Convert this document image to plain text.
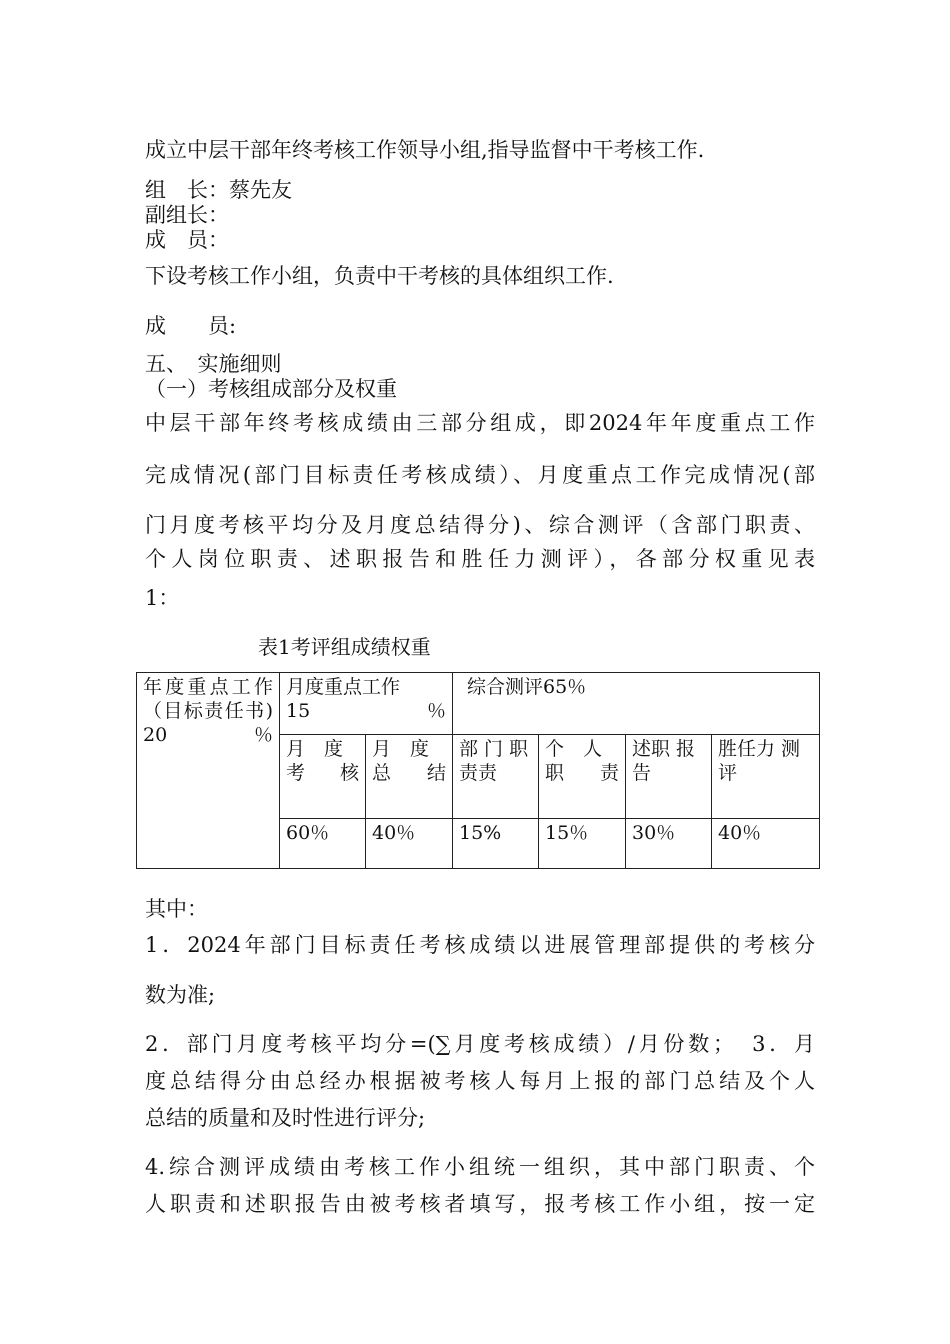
成立中层干部年终考核工作领导小组,指导监督中干考核工作.
组　长：蔡先友
副组长：
成　员：
下设考核工作小组，负责中干考核的具体组织工作.
成　　员:
五、　实施细则
（一）考核组成部分及权重
中层干部年终考核成绩由三部分组成，即2024年年度重点工作
完成情况(部门目标责任考核成绩）、月度重点工作完成情况(部
门月度考核平均分及月度总结得分)、综合测评（含部门职责、
个人岗位职责、述职报告和胜任力测评），各部分权重见表
1：
表1考评组成绩权重
年度重点工作
（目标责任书) 20％	月度重点工作 15％		综合测评65％			
	月　度 考核	月　度 总结	部 门 职 责责	个　人 职　责	述职 报告	胜任力 测评
	60％	40％	15%	15％	30％	40％
其中：
1．2024年部门目标责任考核成绩以进展管理部提供的考核分
数为准;
2．部门月度考核平均分=(∑月度考核成绩）/月份数；　3．月
度总结得分由总经办根据被考核人每月上报的部门总结及个人
总结的质量和及时性进行评分;
4.综合测评成绩由考核工作小组统一组织，其中部门职责、个
人职责和述职报告由被考核者填写，报考核工作小组，按一定
